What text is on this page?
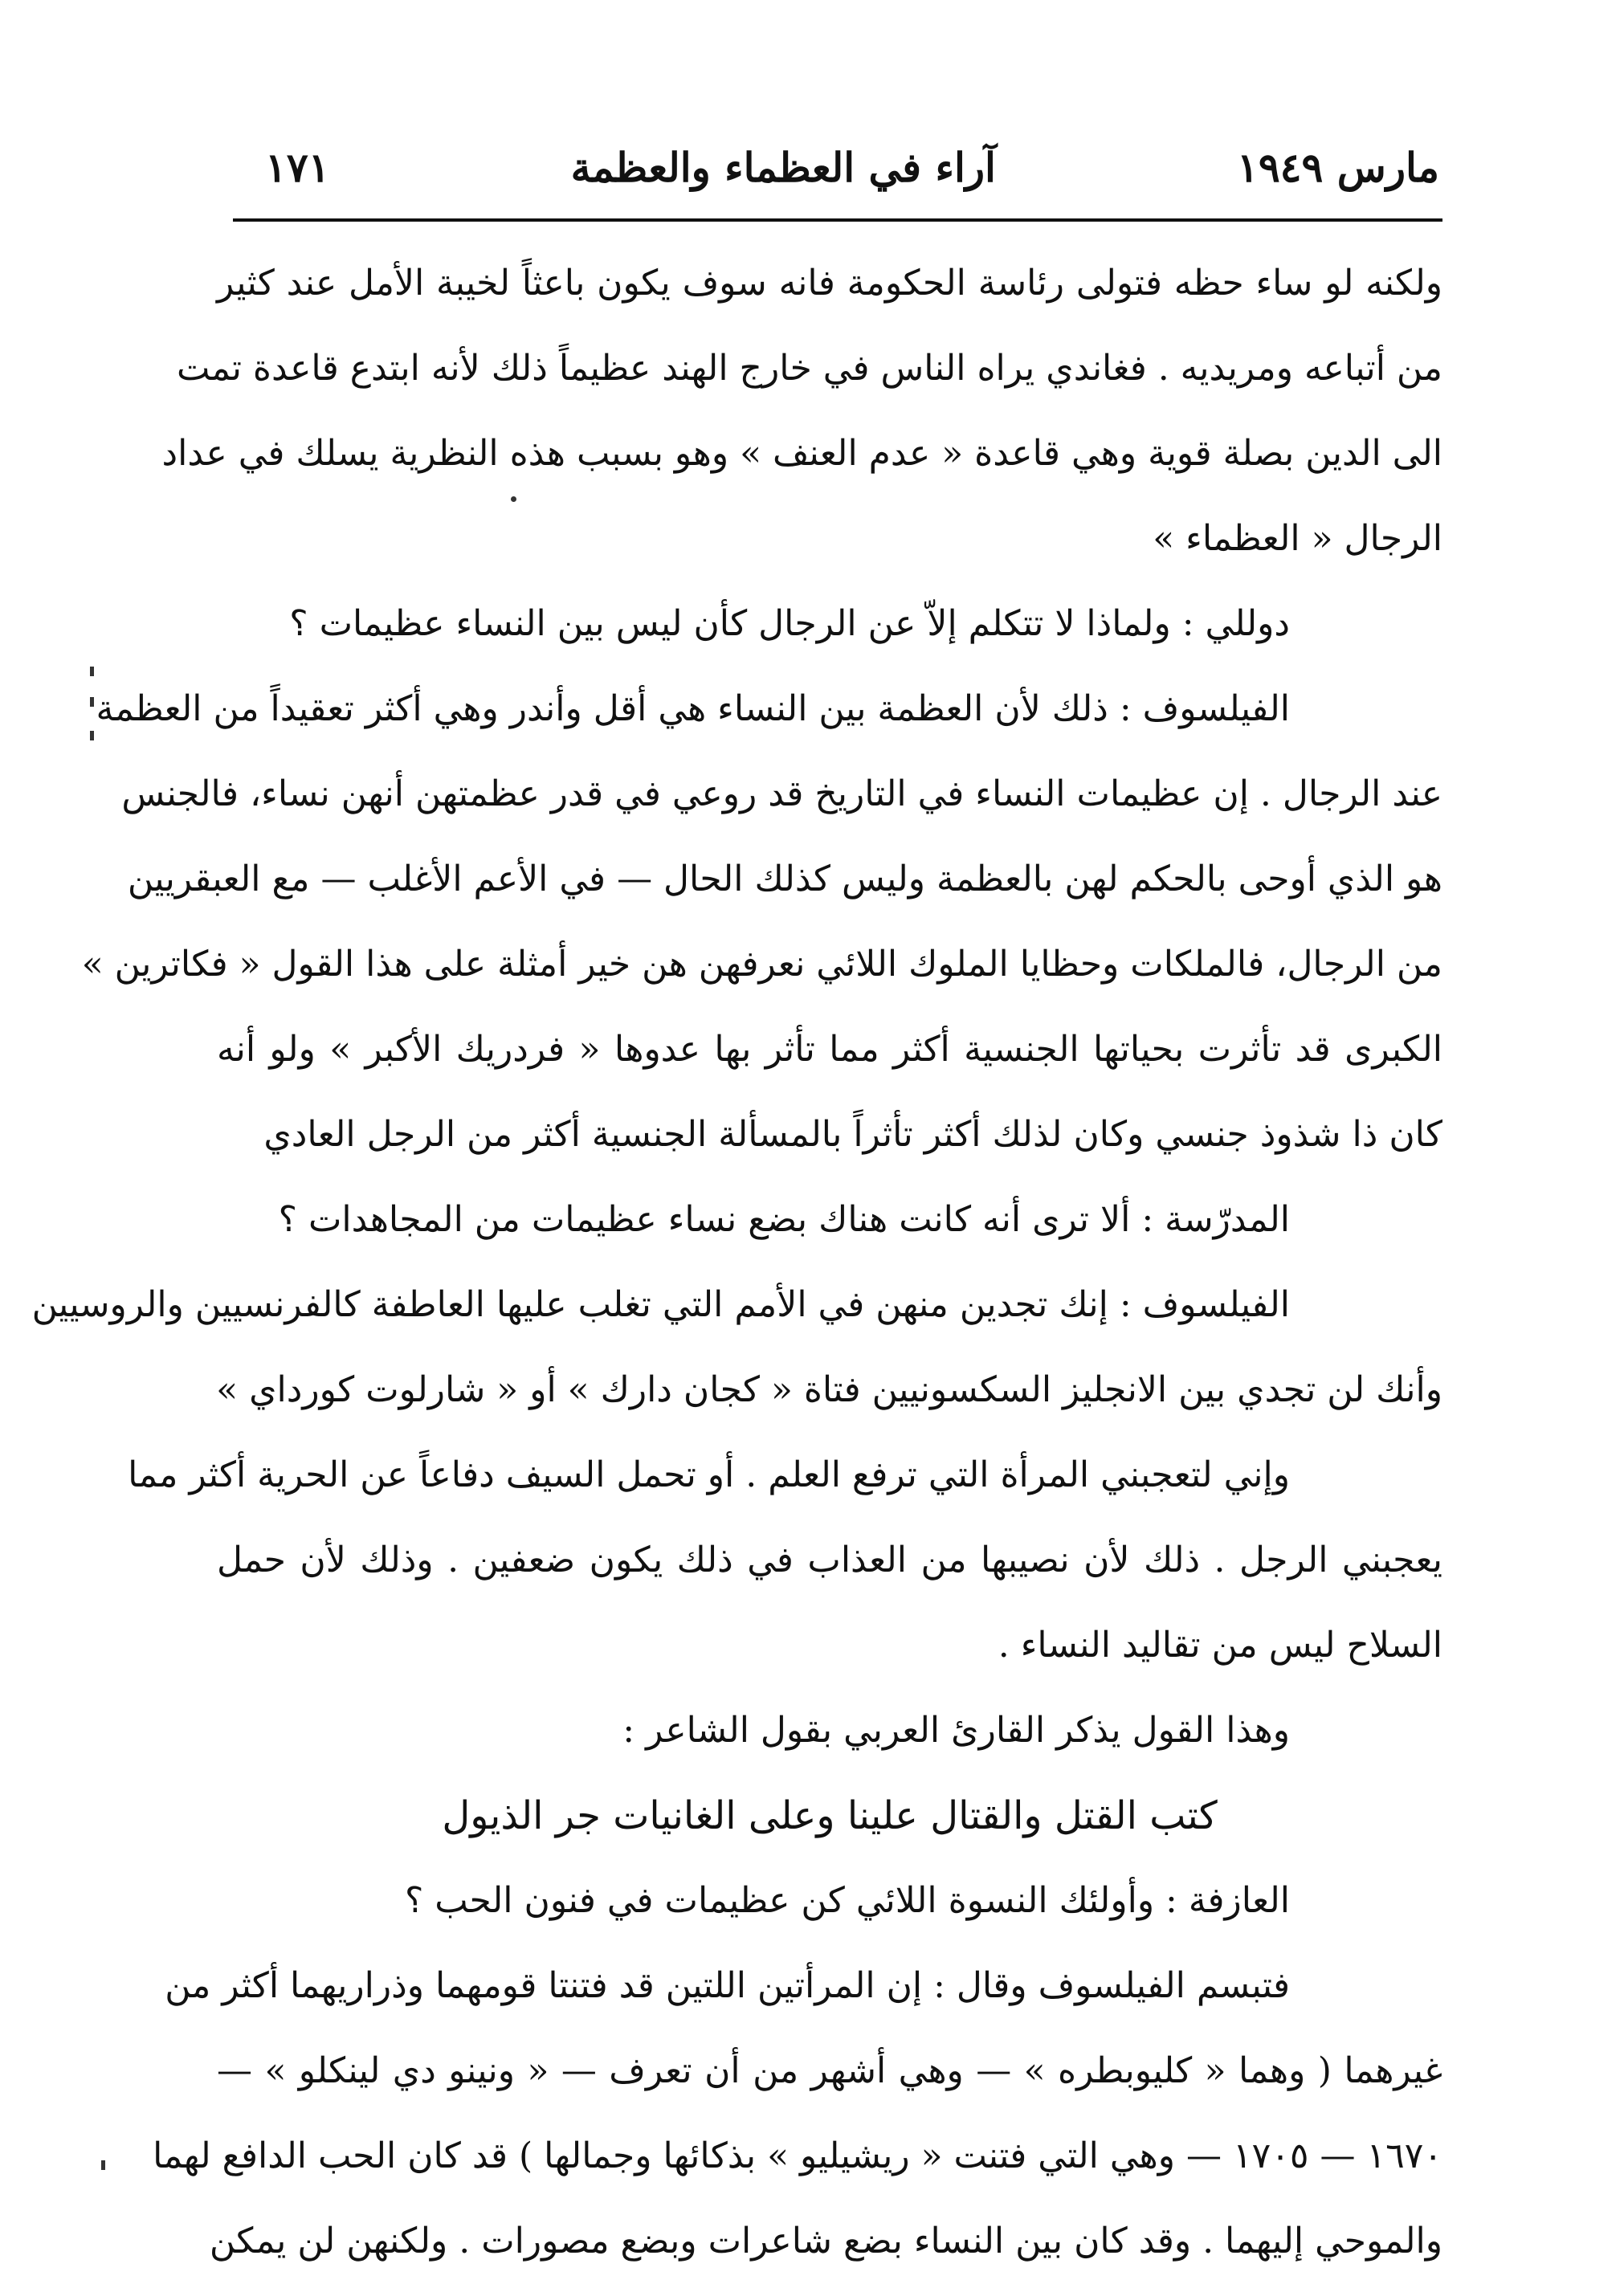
مارس ١٩٤٩
آراء في العظماء والعظمة
١٧١
ولكنه لو ساء حظه فتولى رئاسة الحكومة فانه سوف يكون باعثاً لخيبة الأمل عند كثير
من أتباعه ومريديه . فغاندي يراه الناس في خارج الهند عظيماً ذلك لأنه ابتدع قاعدة تمت
الى الدين بصلة قوية وهي قاعدة « عدم العنف » وهو بسبب هذه النظرية يسلك في عداد
الرجال « العظماء »
دوللي : ولماذا لا تتكلم إلاّ عن الرجال كأن ليس بين النساء عظيمات ؟
الفيلسوف : ذلك لأن العظمة بين النساء هي أقل وأندر وهي أكثر تعقيداً من العظمة
عند الرجال . إن عظيمات النساء في التاريخ قد روعي في قدر عظمتهن أنهن نساء، فالجنس
هو الذي أوحى بالحكم لهن بالعظمة وليس كذلك الحال — في الأعم الأغلب — مع العبقريين
من الرجال، فالملكات وحظايا الملوك اللائي نعرفهن هن خير أمثلة على هذا القول « فكاترين »
الكبرى قد تأثرت بحياتها الجنسية أكثر مما تأثر بها عدوها « فردريك الأكبر » ولو أنه
كان ذا شذوذ جنسي وكان لذلك أكثر تأثراً بالمسألة الجنسية أكثر من الرجل العادي
المدرّسة : ألا ترى أنه كانت هناك بضع نساء عظيمات من المجاهدات ؟
الفيلسوف : إنك تجدين منهن في الأمم التي تغلب عليها العاطفة كالفرنسيين والروسيين
وأنك لن تجدي بين الانجليز السكسونيين فتاة « كجان دارك » أو « شارلوت كورداي »
وإني لتعجبني المرأة التي ترفع العلم . أو تحمل السيف دفاعاً عن الحرية أكثر مما
يعجبني الرجل . ذلك لأن نصيبها من العذاب في ذلك يكون ضعفين . وذلك لأن حمل
السلاح ليس من تقاليد النساء .
وهذا القول يذكر القارئ العربي بقول الشاعر :
كتب القتل والقتال علينا وعلى الغانيات جر الذيول
العازفة : وأولئك النسوة اللائي كن عظيمات في فنون الحب ؟
فتبسم الفيلسوف وقال : إن المرأتين اللتين قد فتنتا قومهما وذراريهما أكثر من
غيرهما ( وهما « كليوبطره » — وهي أشهر من أن تعرف — « ونينو دي لينكلو » —
١٦٧٠ — ١٧٠٥ — وهي التي فتنت « ريشيليو » بذكائها وجمالها ) قد كان الحب الدافع لهما
والموحي إليهما . وقد كان بين النساء بضع شاعرات وبضع مصورات . ولكنهن لن يمكن
